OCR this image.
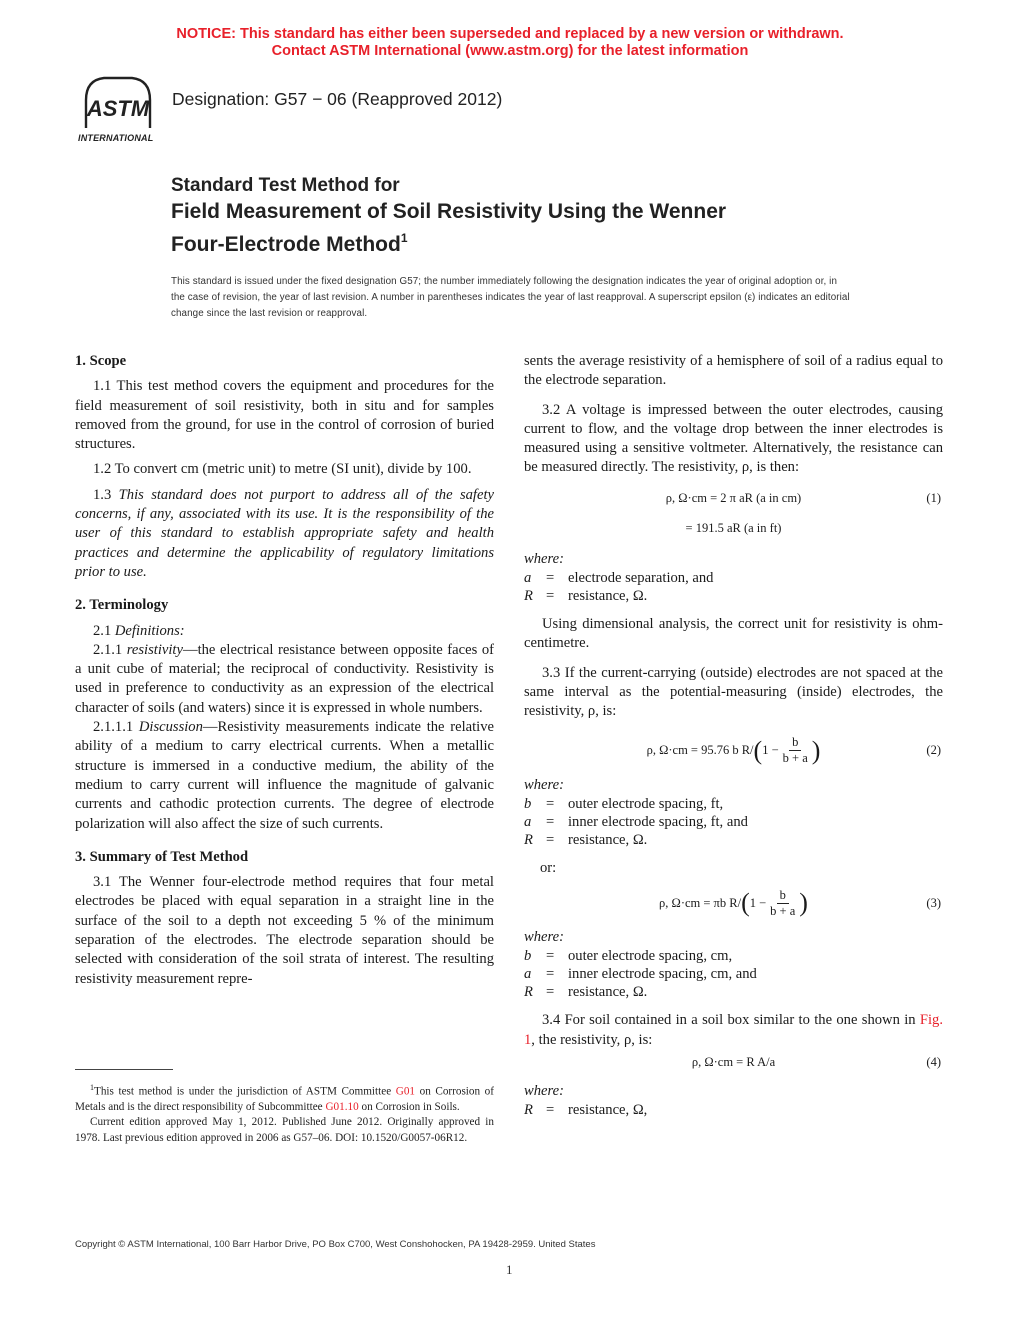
NOTICE: This standard has either been superseded and replaced by a new version or withdrawn.
Contact ASTM International (www.astm.org) for the latest information
ASTM
INTERNATIONAL
Designation: G57 − 06 (Reapproved 2012)
Standard Test Method for
Field Measurement of Soil Resistivity Using the Wenner
Four-Electrode Method$^1$
This standard is issued under the fixed designation G57; the number immediately following the designation indicates the year of original adoption or, in the case of revision, the year of last revision. A number in parentheses indicates the year of last reapproval. A superscript epsilon (ε) indicates an editorial change since the last revision or reapproval.
1. Scope

1.1 This test method covers the equipment and procedures for the field measurement of soil resistivity, both in situ and for samples removed from the ground, for use in the control of corrosion of buried structures.

1.2 To convert cm (metric unit) to metre (SI unit), divide by 100.

1.3 This standard does not purport to address all of the safety concerns, if any, associated with its use. It is the responsibility of the user of this standard to establish appropriate safety and health practices and determine the applicability of regulatory limitations prior to use.

2. Terminology

2.1 Definitions:

2.1.1 resistivity—the electrical resistance between opposite faces of a unit cube of material; the reciprocal of conductivity. Resistivity is used in preference to conductivity as an expression of the electrical character of soils (and waters) since it is expressed in whole numbers.

2.1.1.1 Discussion—Resistivity measurements indicate the relative ability of a medium to carry electrical currents. When a metallic structure is immersed in a conductive medium, the ability of the medium to carry current will influence the magnitude of galvanic currents and cathodic protection currents. The degree of electrode polarization will also affect the size of such currents.

3. Summary of Test Method

3.1 The Wenner four-electrode method requires that four metal electrodes be placed with equal separation in a straight line in the surface of the soil to a depth not exceeding 5 % of the minimum separation of the electrodes. The electrode separation should be selected with consideration of the soil strata of interest. The resulting resistivity measurement repre-

sents the average resistivity of a hemisphere of soil of a radius equal to the electrode separation.

3.2 A voltage is impressed between the outer electrodes, causing current to flow, and the voltage drop between the inner electrodes is measured using a sensitive voltmeter. Alternatively, the resistance can be measured directly. The resistivity, ρ, is then:

ρ, Ω·cm = 2 π aR (a in cm)	(1)
= 191.5 aR (a in ft)

where:

a	= electrode separation, and
R = resistance, Ω.

Using dimensional analysis, the correct unit for resistivity is ohm-centimetre.

3.3 If the current-carrying (outside) electrodes are not spaced at the same interval as the potential-measuring (inside) electrodes, the resistivity, ρ, is:

ρ, Ω·cm = 95.76 b R/ ( $1 - \frac{b}{b + a}$ )	(2)

where:

b	= outer electrode spacing, ft,
a	= inner electrode spacing, ft, and
R = resistance, Ω.

or:

ρ, Ω·cm = πb R/ ( $1 - \frac{b}{b + a}$ )	(3)

where:

b	= outer electrode spacing, cm,
a	= inner electrode spacing, cm, and
R = resistance, Ω.

3.4 For soil contained in a soil box similar to the one shown in Fig. 1, the resistivity, ρ, is:

ρ, Ω·cm = R A/a	(4)

where:

R = resistance, Ω,

$^1$This test method is under the jurisdiction of ASTM Committee G01 on Corrosion of Metals and is the direct responsibility of Subcommittee G01.10 on Corrosion in Soils.

Current edition approved May 1, 2012. Published June 2012. Originally approved in 1978. Last previous edition approved in 2006 as G57–06. DOI: 10.1520/G0057-06R12.

Copyright © ASTM International, 100 Barr Harbor Drive, PO Box C700, West Conshohocken, PA 19428-2959. United States
1
